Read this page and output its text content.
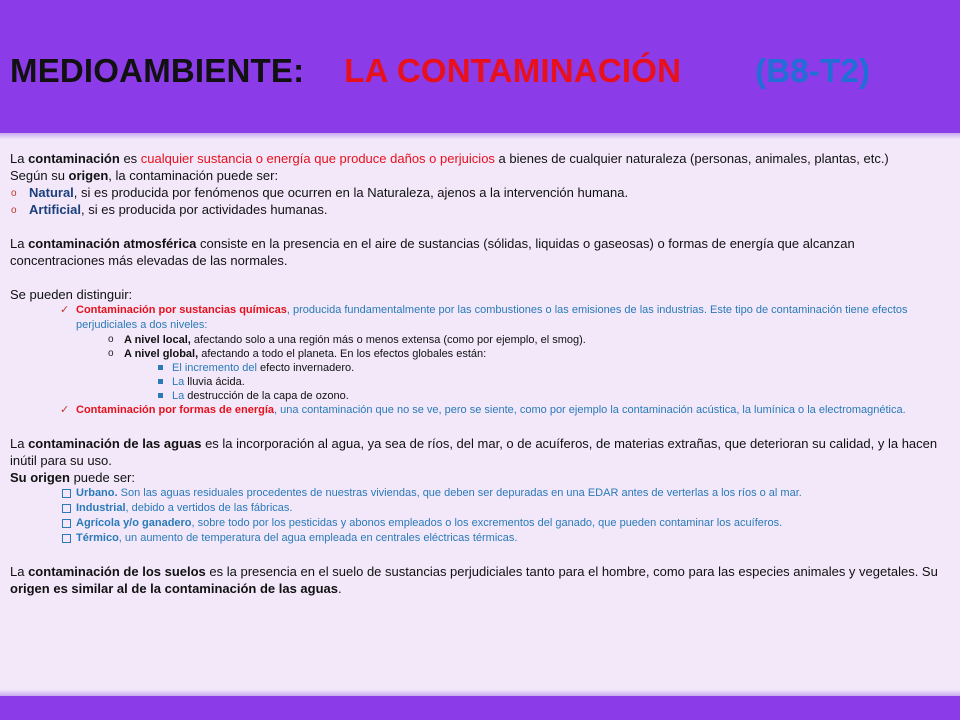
MEDIOAMBIENTE: LA CONTAMINACIÓN (B8-T2)

La contaminación es cualquier sustancia o energía que produce daños o perjuicios a bienes de cualquier naturaleza (personas, animales, plantas, etc.)

Según su origen, la contaminación puede ser:

o Natural, si es producida por fenómenos que ocurren en la Naturaleza, ajenos a la intervención humana.
o Artificial, si es producida por actividades humanas.

La contaminación atmosférica consiste en la presencia en el aire de sustancias (sólidas, liquidas o gaseosas) o formas de energía que alcanzan concentraciones más elevadas de las normales.

Se pueden distinguir:

✓ Contaminación por sustancias químicas, producida fundamentalmente por las combustiones o las emisiones de las industrias. Este tipo de contaminación tiene efectos perjudiciales a dos niveles:
o A nivel local, afectando solo a una región más o menos extensa (como por ejemplo, el smog).
o A nivel global, afectando a todo el planeta. En los efectos globales están:
El incremento del efecto invernadero.
La lluvia ácida.
La destrucción de la capa de ozono.
✓ Contaminación por formas de energía, una contaminación que no se ve, pero se siente, como por ejemplo la contaminación acústica, la lumínica o la electromagnética.

La contaminación de las aguas es la incorporación al agua, ya sea de ríos, del mar, o de acuíferos, de materias extrañas, que deterioran su calidad, y la hacen inútil para su uso.

Su origen puede ser:

Urbano. Son las aguas residuales procedentes de nuestras viviendas, que deben ser depuradas en una EDAR antes de verterlas a los ríos o al mar.
Industrial, debido a vertidos de las fábricas.
Agrícola y/o ganadero, sobre todo por los pesticidas y abonos empleados o los excrementos del ganado, que pueden contaminar los acuíferos.
Térmico, un aumento de temperatura del agua empleada en centrales eléctricas térmicas.

La contaminación de los suelos es la presencia en el suelo de sustancias perjudiciales tanto para el hombre, como para las especies animales y vegetales. Su origen es similar al de la contaminación de las aguas.
